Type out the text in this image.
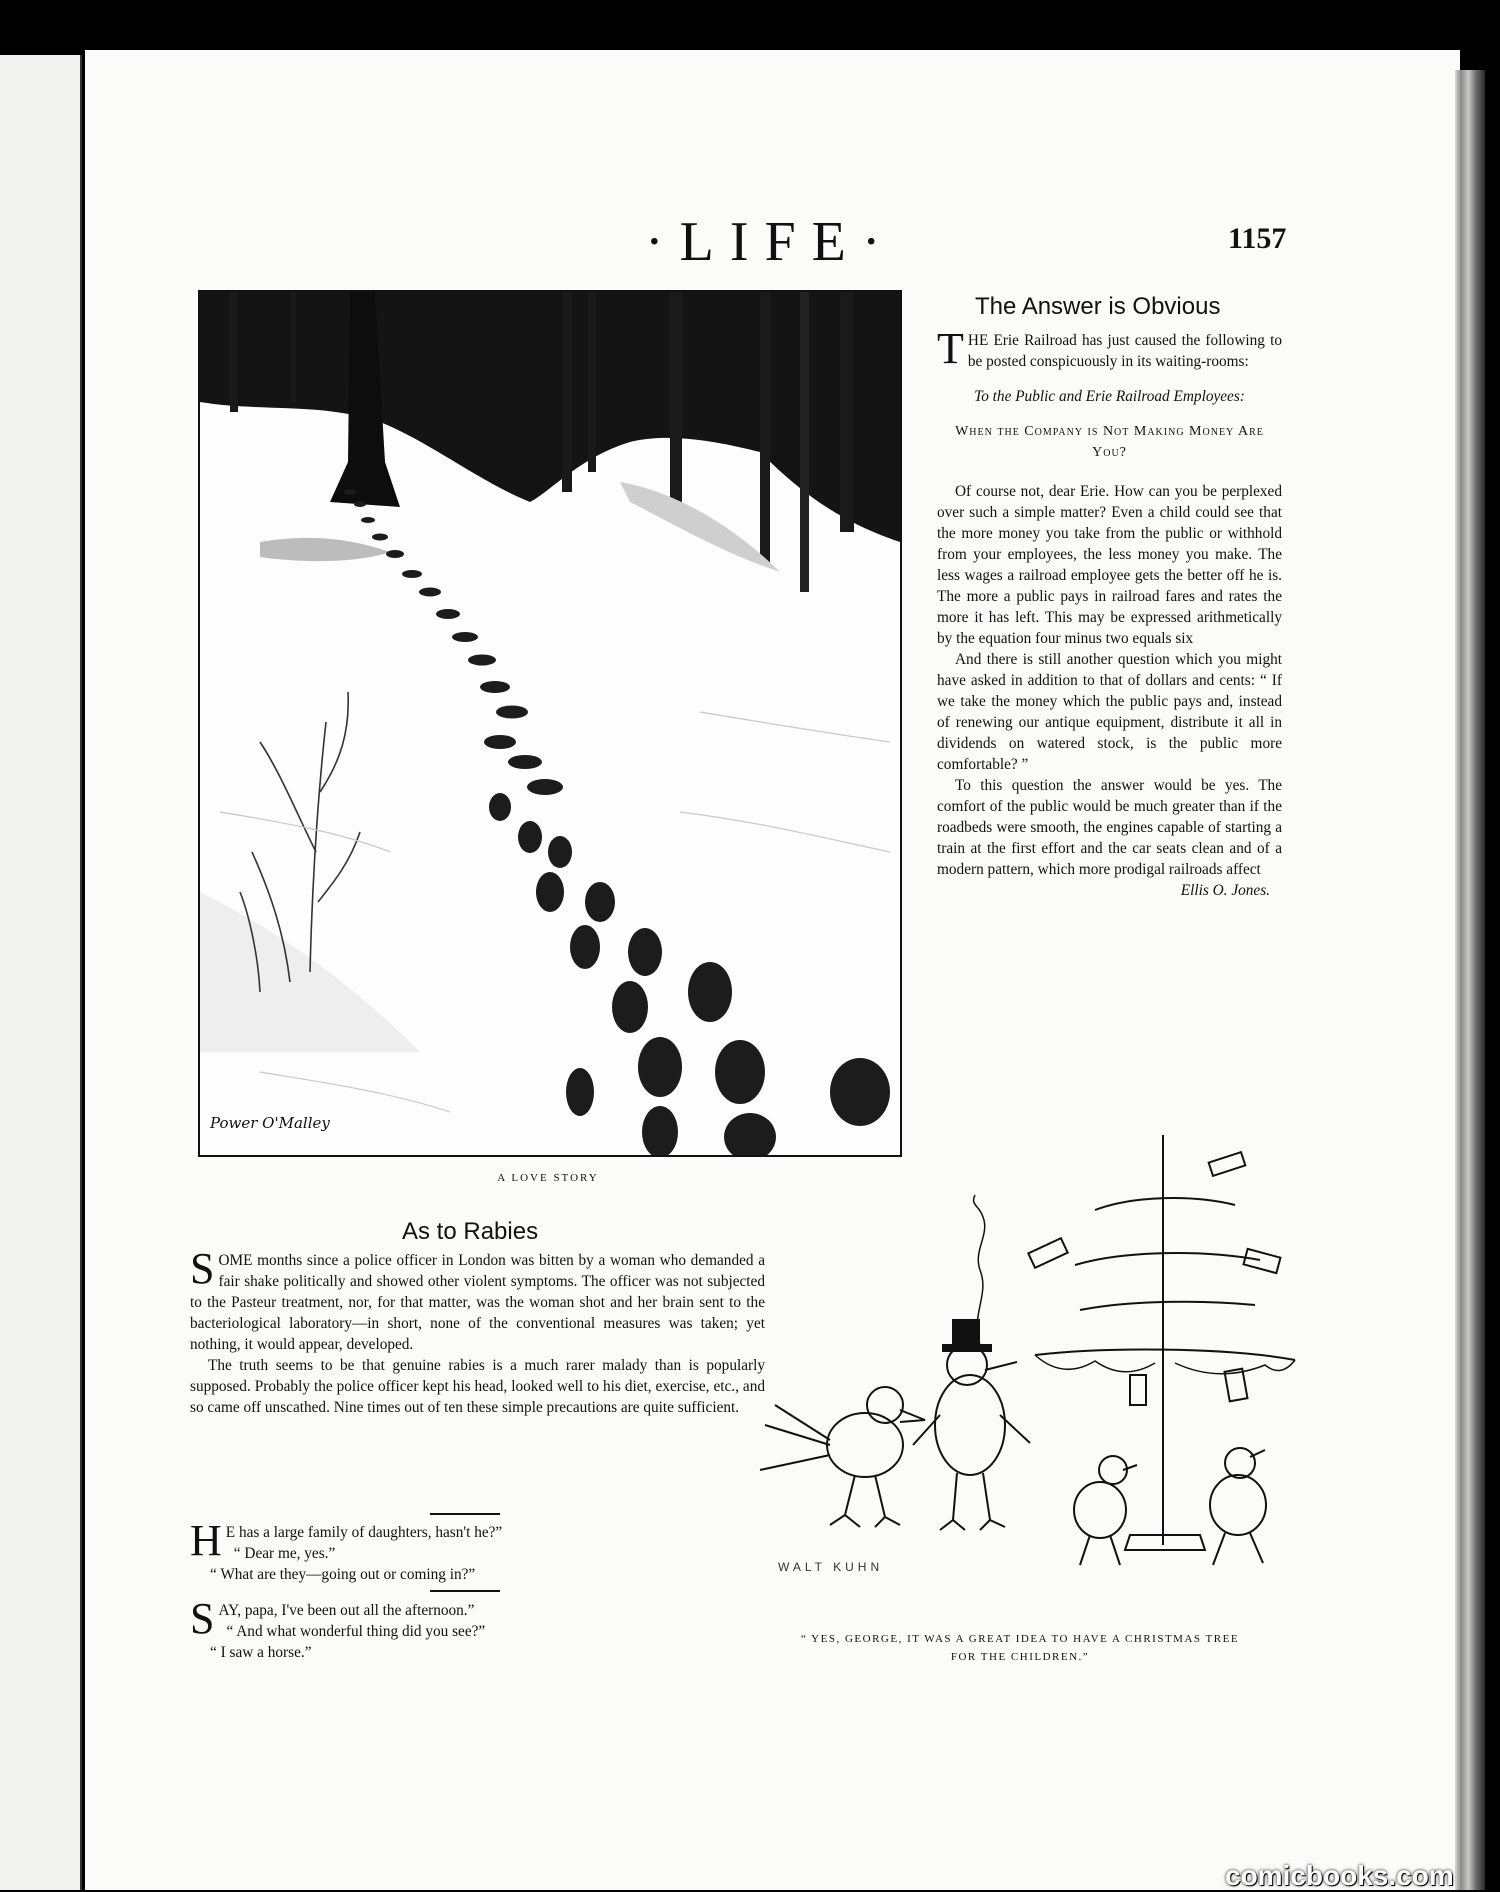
·LIFE·	1157
Power O'Malley
A LOVE STORY
The Answer is Obvious
T HE Erie Railroad has just caused the following to be posted conspicuously in its waiting-rooms:
To the Public and Erie Railroad Employees:
When the Company is Not Making Money Are You?

Of course not, dear Erie. How can you be perplexed over such a simple matter? Even a child could see that the more money you take from the public or withhold from your employees, the less money you make. The less wages a railroad employee gets the better off he is. The more a public pays in railroad fares and rates the more it has left. This may be expressed arithmetically by the equation four minus two equals six

And there is still another question which you might have asked in addition to that of dollars and cents: “ If we take the money which the public pays and, instead of renewing our antique equipment, distribute it all in dividends on watered stock, is the public more comfortable? ”

To this question the answer would be yes. The comfort of the public would be much greater than if the roadbeds were smooth, the engines capable of starting a train at the first effort and the car seats clean and of a modern pattern, which more prodigal railroads affect

Ellis O. Jones.
As to Rabies
S OME months since a police officer in London was bitten by a woman who demanded a fair shake politically and showed other violent symptoms. The officer was not subjected to the Pasteur treatment, nor, for that matter, was the woman shot and her brain sent to the bacteriological laboratory—in short, none of the conventional measures was taken; yet nothing, it would appear, developed.

The truth seems to be that genuine rabies is a much rarer malady than is popularly supposed. Probably the police officer kept his head, looked well to his diet, exercise, etc., and so came off unscathed. Nine times out of ten these simple precautions are quite sufficient.

H E has a large family of daughters, hasn't he?”
“ Dear me, yes.”
“ What are they—going out or coming in?”
S AY, papa, I've been out all the afternoon.”
“ And what wonderful thing did you see?”
“ I saw a horse.”
WALT KUHN
“ YES, GEORGE, IT WAS A GREAT IDEA TO HAVE A CHRISTMAS TREE
FOR THE CHILDREN.”
comicbooks.com
